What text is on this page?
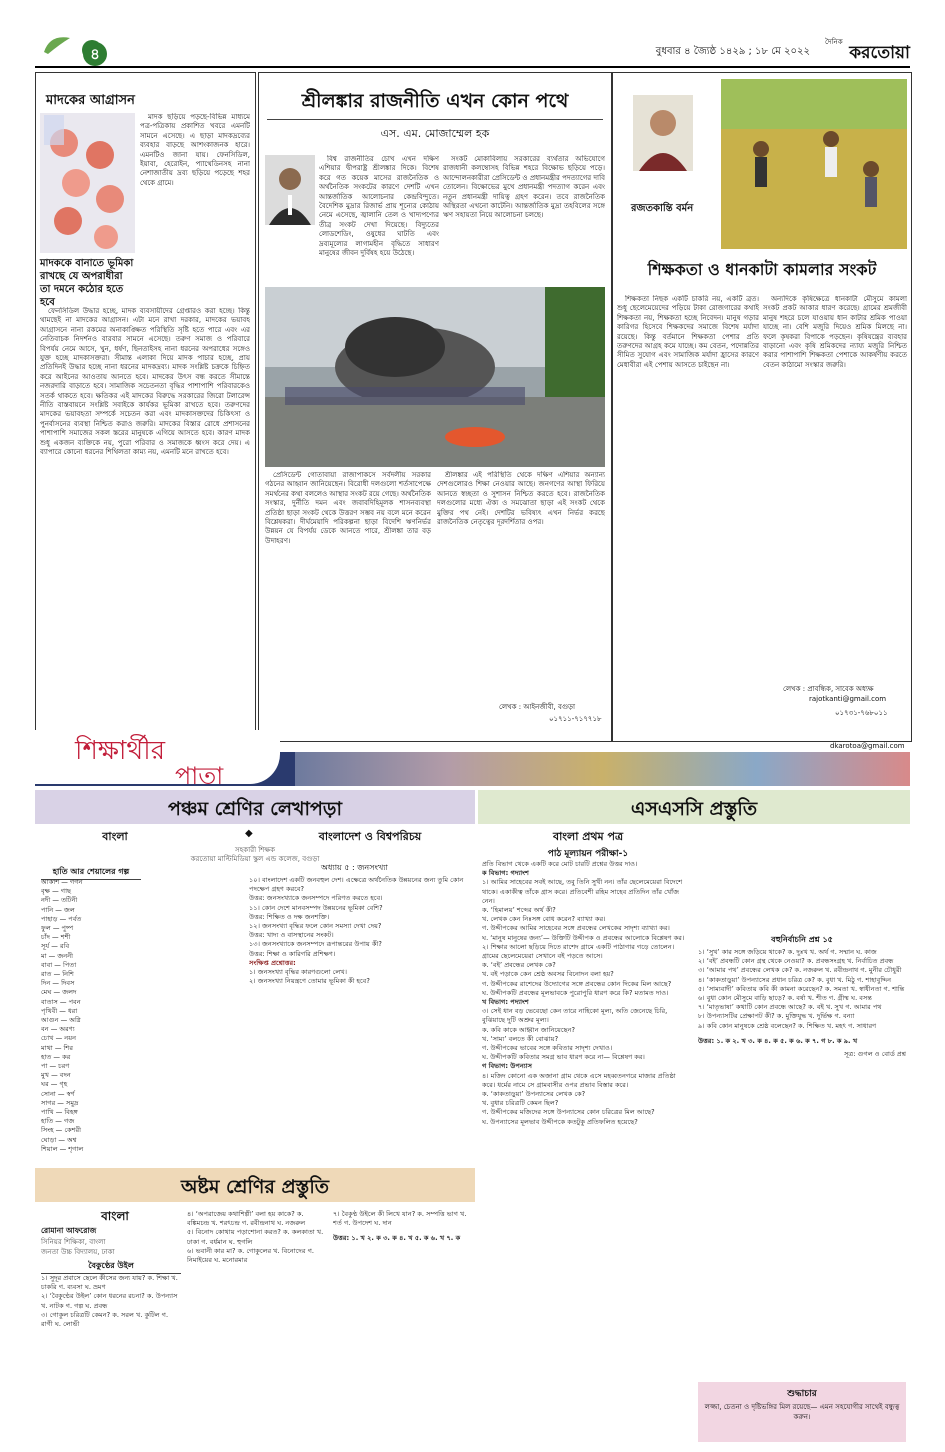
৪	বুধবার ৪ জ্যৈষ্ঠ ১৪২৯ ; ১৮ মে ২০২২
দৈনিক
করতোয়া
মাদকের আগ্রাসন
মাদক ছড়িয়ে পড়ছে-বিভিন্ন মাধ্যমে পত্র-পত্রিকায় প্রকাশিত খবরে এমনটি সামনে এসেছে। এ ছাড়া মাদকদ্রব্যের ব্যবহার বাড়ছে আশংকাজনক হারে। এমনটিও জানা যায়। ফেনসিডিল, ইয়াবা, হেরোইন, প্যাথেডিনসহ নানা নেশাজাতীয় দ্রব্য ছড়িয়ে পড়েছে শহর থেকে গ্রামে।
মাদককে বানাতে ভূমিকা রাখছে যে অপরাধীরা তা দমনে কঠোর হতে হবে
ফেনসিডিল উদ্ধার হচ্ছে, মাদক ব্যবসায়ীদের গ্রেপ্তারও করা হচ্ছে। কিন্তু থামছেই না মাদকের আগ্রাসন। এটা মনে রাখা দরকার, মাদকের ভয়াবহ আগ্রাসনে নানা রকমের অনাকাঙ্ক্ষিত পরিস্থিতি সৃষ্টি হতে পারে এবং এর নেতিবাচক নিদর্শনও বারবার সামনে এসেছে। তরুণ সমাজ ও পরিবারে বিপর্যয় নেমে আসে, খুন, ধর্ষণ, ছিনতাইসহ নানা ধরনের অপরাধের সঙ্গেও যুক্ত হচ্ছে মাদকাসক্তরা। সীমান্ত এলাকা দিয়ে মাদক পাচার হচ্ছে, প্রায় প্রতিদিনই উদ্ধার হচ্ছে নানা ধরনের মাদকদ্রব্য। মাদক সংশ্লিষ্ট চক্রকে চিহ্নিত করে আইনের আওতায় আনতে হবে। মাদকের উৎস বন্ধ করতে সীমান্তে নজরদারি বাড়াতে হবে। সামাজিক সচেতনতা বৃদ্ধির পাশাপাশি পরিবারকেও সতর্ক থাকতে হবে। ক্ষতিকর এই মাদকের বিরুদ্ধে সরকারের জিরো টলারেন্স নীতি বাস্তবায়নে সংশ্লিষ্ট সবাইকে কার্যকর ভূমিকা রাখতে হবে। তরুণদের মাদকের ভয়াবহতা সম্পর্কে সচেতন করা এবং মাদকাসক্তদের চিকিৎসা ও পুনর্বাসনের ব্যবস্থা নিশ্চিত করাও জরুরি। মাদকের বিস্তার রোধে প্রশাসনের পাশাপাশি সমাজের সকল স্তরের মানুষকে এগিয়ে আসতে হবে। কারণ মাদক শুধু একজন ব্যক্তিকে নয়, পুরো পরিবার ও সমাজকে ধ্বংস করে দেয়। এ ব্যাপারে কোনো ধরনের শিথিলতা কাম্য নয়, এমনটি মনে রাখতে হবে।
শ্রীলঙ্কার রাজনীতি এখন কোন পথে
এস. এম. মোজাম্মেল হক
বিশ্ব রাজনীতির চোখ এখন দক্ষিণ এশিয়ার দ্বীপরাষ্ট্র শ্রীলঙ্কার দিকে। বিশেষ করে গত কয়েক মাসের রাজনৈতিক ও অর্থনৈতিক সংকটের কারণে দেশটি এখন আন্তর্জাতিক আলোচনার কেন্দ্রবিন্দুতে। বৈদেশিক মুদ্রার রিজার্ভ প্রায় শূন্যের কোঠায় নেমে এসেছে, জ্বালানি তেল ও খাদ্যপণ্যের তীব্র সংকট দেখা দিয়েছে। বিদ্যুতের লোডশেডিং, ওষুধের ঘাটতি এবং দ্রব্যমূল্যের লাগামহীন বৃদ্ধিতে সাধারণ মানুষের জীবন দুর্বিষহ হয়ে উঠেছে।
সংকট মোকাবিলায় সরকারের ব্যর্থতার অভিযোগে রাজধানী কলম্বোসহ বিভিন্ন শহরে বিক্ষোভ ছড়িয়ে পড়ে। আন্দোলনকারীরা প্রেসিডেন্ট ও প্রধানমন্ত্রীর পদত্যাগের দাবি তোলেন। বিক্ষোভের মুখে প্রধানমন্ত্রী পদত্যাগ করেন এবং নতুন প্রধানমন্ত্রী দায়িত্ব গ্রহণ করেন। তবে রাজনৈতিক অস্থিরতা এখনো কাটেনি। আন্তর্জাতিক মুদ্রা তহবিলের সঙ্গে ঋণ সহায়তা নিয়ে আলোচনা চলছে।
প্রেসিডেন্ট গোতাবায়া রাজাপাকসে সর্বদলীয় সরকার গঠনের আহ্বান জানিয়েছেন। বিরোধী দলগুলো শর্তসাপেক্ষে সমর্থনের কথা বললেও আস্থার সংকট রয়ে গেছে। অর্থনৈতিক সংস্কার, দুর্নীতি দমন এবং জবাবদিহিমূলক শাসনব্যবস্থা প্রতিষ্ঠা ছাড়া সংকট থেকে উত্তরণ সম্ভব নয় বলে মনে করেন বিশ্লেষকরা। দীর্ঘমেয়াদি পরিকল্পনা ছাড়া বিদেশি ঋণনির্ভর উন্নয়ন যে বিপর্যয় ডেকে আনতে পারে, শ্রীলঙ্কা তার বড় উদাহরণ।
শ্রীলঙ্কার এই পরিস্থিতি থেকে দক্ষিণ এশিয়ার অন্যান্য দেশগুলোরও শিক্ষা নেওয়ার আছে। জনগণের আস্থা ফিরিয়ে আনতে স্বচ্ছতা ও সুশাসন নিশ্চিত করতে হবে। রাজনৈতিক দলগুলোর মধ্যে ঐক্য ও সমঝোতা ছাড়া এই সংকট থেকে মুক্তির পথ নেই। দেশটির ভবিষ্যৎ এখন নির্ভর করছে রাজনৈতিক নেতৃত্বের দূরদর্শিতার ওপর।
লেখক : আইনজীবী, বগুড়া
০১৭১১-৭১৭৭১৮
রজতকান্তি বর্মন
শিক্ষকতা ও ধানকাটা কামলার সংকট
শিক্ষকতা নিছক একটি চাকরি নয়, একটি ব্রত। শুধু ছেলেমেয়েদের পড়িয়ে টাকা রোজগারের কথাই শিক্ষকতা নয়, শিক্ষকতা হচ্ছে নিবেদন। মানুষ গড়ার কারিগর হিসেবে শিক্ষকদের সমাজে বিশেষ মর্যাদা রয়েছে। কিন্তু বর্তমানে শিক্ষকতা পেশার প্রতি তরুণদের আগ্রহ কমে যাচ্ছে। কম বেতন, পদোন্নতির সীমিত সুযোগ এবং সামাজিক মর্যাদা হ্রাসের কারণে মেধাবীরা এই পেশায় আসতে চাইছেন না।
অন্যদিকে কৃষিক্ষেত্রে ধানকাটা মৌসুমে কামলা সংকট প্রকট আকার ধারণ করেছে। গ্রামের শ্রমজীবী মানুষ শহরে চলে যাওয়ায় ধান কাটার শ্রমিক পাওয়া যাচ্ছে না। বেশি মজুরি দিয়েও শ্রমিক মিলছে না। ফলে কৃষকরা বিপাকে পড়ছেন। কৃষিযন্ত্রের ব্যবহার বাড়ানো এবং কৃষি শ্রমিকদের ন্যায্য মজুরি নিশ্চিত করার পাশাপাশি শিক্ষকতা পেশাকে আকর্ষণীয় করতে বেতন কাঠামো সংস্কার জরুরি।
লেখক : প্রাবন্ধিক, সাবেক অধ্যক্ষ
rajotkanti@gmail.com
০১৭৩১-৭৬৮০১১
dkarotoa@gmail.com
শিক্ষার্থীর
পাতা
পঞ্চম শ্রেণির লেখাপড়া
বাংলা	◆	বাংলাদেশ ও বিশ্বপরিচয়
সহকারী শিক্ষক
করতোয়া মাল্টিমিডিয়া স্কুল এন্ড কলেজ, বগুড়া
হাতি আর শেয়ালের গল্প	অধ্যায় ৫ : জনসংখ্যা
আকাশ — গগন
বৃক্ষ — গাছ
নদী — তটিনী
পানি — জল
পাহাড় — পর্বত
ফুল — পুষ্প
চাঁদ — শশী
সূর্য — রবি
মা — জননী
বাবা — পিতা
রাত — নিশি
দিন — দিবস
মেঘ — জলদ
বাতাস — পবন
পৃথিবী — ধরা
আগুন — অগ্নি
বন — অরণ্য
চোখ — নয়ন
মাথা — শির
হাত — কর
পা — চরণ
মুখ — বদন
ঘর — গৃহ
সোনা — স্বর্ণ
সাগর — সমুদ্র
পাখি — বিহঙ্গ
হাতি — গজ
সিংহ — কেশরী
ঘোড়া — অশ্ব
শিয়াল — শৃগাল

১০। বাংলাদেশ একটি জনবহুল দেশ। এক্ষেত্রে অর্থনৈতিক উন্নয়নের জন্য তুমি কোন পদক্ষেপ গ্রহণ করবে?

উত্তর: জনসংখ্যাকে জনসম্পদে পরিণত করতে হবে।

১১। কোন দেশে মানবসম্পদ উন্নয়নের ভূমিকা বেশি?

উত্তর: শিক্ষিত ও দক্ষ জনশক্তি।

১২। জনসংখ্যা বৃদ্ধির ফলে কোন সমস্যা দেখা দেয়?

উত্তর: খাদ্য ও বাসস্থানের সংকট।

১৩। জনসংখ্যাকে জনসম্পদে রূপান্তরের উপায় কী?

উত্তর: শিক্ষা ও কারিগরি প্রশিক্ষণ।

সংক্ষিপ্ত প্রশ্নোত্তর:

১। জনসংখ্যা বৃদ্ধির কারণগুলো লেখ।

২। জনসংখ্যা নিয়ন্ত্রণে তোমার ভূমিকা কী হবে?

অষ্টম শ্রেণির প্রস্তুতি
বাংলা
রোমানা আফরোজ
সিনিয়র শিক্ষিকা, বাংলা
জনতা উচ্চ বিদ্যালয়, ঢাকা
বৈকুণ্ঠের উইল

১। সুদূর প্রবাসে ছেলে কীসের জন্য যায়? ক. শিক্ষা খ. চাকরি গ. ব্যবসা ঘ. ভ্রমণ

২। ‘বৈকুণ্ঠের উইল’ কোন ধরনের রচনা? ক. উপন্যাস খ. নাটক গ. গল্প ঘ. প্রবন্ধ

৩। গোকুল চরিত্রটি কেমন? ক. সরল খ. কুটিল গ. রাগী ঘ. লোভী

৪। ‘অপরাজেয় কথাশিল্পী’ বলা হয় কাকে? ক. বঙ্কিমচন্দ্র খ. শরৎচন্দ্র গ. রবীন্দ্রনাথ ঘ. নজরুল

৫। বিনোদ কোথায় পড়াশোনা করত? ক. কলকাতা খ. ঢাকা গ. বর্ধমান ঘ. হুগলি

৬। ভবানী কার মা? ক. গোকুলের খ. বিনোদের গ. নিমাইয়ের ঘ. মনোরমার

৭। বৈকুণ্ঠ উইলে কী লিখে যান? ক. সম্পত্তি ভাগ খ. শর্ত গ. উপদেশ ঘ. দান

উত্তর: ১. খ ২. ক ৩. ক ৪. খ ৫. ক ৬. খ ৭. ক

এসএসসি প্রস্তুতি
বাংলা প্রথম পত্র
পাঠ মূল্যায়ন পরীক্ষা-১

প্রতি বিভাগ থেকে একটি করে মোট চারটি প্রশ্নের উত্তর দাও।

ক বিভাগ: গদ্যাংশ

১। আমির সাহেবের সবই আছে, তবু তিনি সুখী নন। তাঁর ছেলেমেয়েরা বিদেশে থাকে। একাকীত্ব তাঁকে গ্রাস করে। প্রতিবেশী রহিম সাহেব প্রতিদিন তাঁর খোঁজ নেন।

ক. ‘হিমালয়’ শব্দের অর্থ কী?

খ. লেখক কেন নিঃসঙ্গ বোধ করেন? ব্যাখ্যা কর।

গ. উদ্দীপকের আমির সাহেবের সঙ্গে প্রবন্ধের লেখকের সাদৃশ্য ব্যাখ্যা কর।

ঘ. ‘মানুষ মানুষের জন্য’— উক্তিটি উদ্দীপক ও প্রবন্ধের আলোকে বিশ্লেষণ কর।

২। শিক্ষার আলো ছড়িয়ে দিতে রাশেদ গ্রামে একটি পাঠাগার গড়ে তোলেন। গ্রামের ছেলেমেয়েরা সেখানে বই পড়তে আসে।

ক. ‘বই’ প্রবন্ধের লেখক কে?

খ. বই পড়াকে কেন শ্রেষ্ঠ অবসর বিনোদন বলা হয়?

গ. উদ্দীপকের রাশেদের উদ্যোগের সঙ্গে প্রবন্ধের কোন দিকের মিল আছে?

ঘ. উদ্দীপকটি প্রবন্ধের মূলভাবকে পুরোপুরি ধারণ করে কি? মতামত দাও।

খ বিভাগ: পদ্যাংশ

৩। সেই ধান বড় ভেবেছো কেন তারে নাহিকো মূল্য, অতি জেনেছে চিরি, বুঝিয়াছে দুটি অশ্রুর মূল্য।

ক. কবি কাকে আহ্বান জানিয়েছেন?

খ. ‘সাম্য’ বলতে কী বোঝায়?

গ. উদ্দীপকের ভাবের সঙ্গে কবিতার সাদৃশ্য দেখাও।

ঘ. উদ্দীপকটি কবিতার সমগ্র ভাব ধারণ করে না— বিশ্লেষণ কর।

গ বিভাগ: উপন্যাস

৪। মজিদ কোনো এক অজানা গ্রাম থেকে এসে মহব্বতনগরে মাজার প্রতিষ্ঠা করে। ধর্মের নামে সে গ্রামবাসীর ওপর প্রভাব বিস্তার করে।

ক. ‘কাকতাড়ুয়া’ উপন্যাসের লেখক কে?

খ. বুধার চরিত্রটি কেমন ছিল?

গ. উদ্দীপকের মজিদের সঙ্গে উপন্যাসের কোন চরিত্রের মিল আছে?

ঘ. উপন্যাসের মূলভাব উদ্দীপকে কতটুকু প্রতিফলিত হয়েছে?

বহুনির্বাচনি প্রশ্ন ১৫

১। ‘সুখ’ কার সঙ্গে জড়িয়ে থাকে? ক. দুঃখ খ. অর্থ গ. সম্মান ঘ. কাজ

২। ‘বই’ প্রবন্ধটি কোন গ্রন্থ থেকে নেওয়া? ক. প্রবন্ধসংগ্রহ খ. নির্বাচিত প্রবন্ধ

৩। ‘আমার পথ’ প্রবন্ধের লেখক কে? ক. নজরুল খ. রবীন্দ্রনাথ গ. মুনীর চৌধুরী

৪। ‘কাকতাড়ুয়া’ উপন্যাসের প্রধান চরিত্র কে? ক. বুধা খ. মিঠু গ. শাহাবুদ্দিন

৫। ‘সাম্যবাদী’ কবিতায় কবি কী কামনা করেছেন? ক. সমতা খ. স্বাধীনতা গ. শান্তি

৬। বুধা কোন মৌসুমে বাড়ি ছাড়ে? ক. বর্ষা খ. শীত গ. গ্রীষ্ম ঘ. বসন্ত

৭। ‘মাতৃভাষা’ কথাটি কোন প্রবন্ধে আছে? ক. বই খ. সুখ গ. আমার পথ

৮। উপন্যাসটির প্রেক্ষাপট কী? ক. মুক্তিযুদ্ধ খ. দুর্ভিক্ষ গ. বন্যা

৯। কবি কোন মানুষকে শ্রেষ্ঠ বলেছেন? ক. শিক্ষিত খ. মহৎ গ. সাধারণ

উত্তর: ১. ক ২. খ ৩. ক ৪. ক ৫. ক ৬. ক ৭. গ ৮. ক ৯. খ

সূত্র: গুগল ও বোর্ড প্রশ্ন

শুদ্ধাচার
লজ্জা, চেতনা ও দৃষ্টিভঙ্গির মিল রয়েছে— এমন সহযোগীর সাথেই বন্ধুত্ব করুন।
